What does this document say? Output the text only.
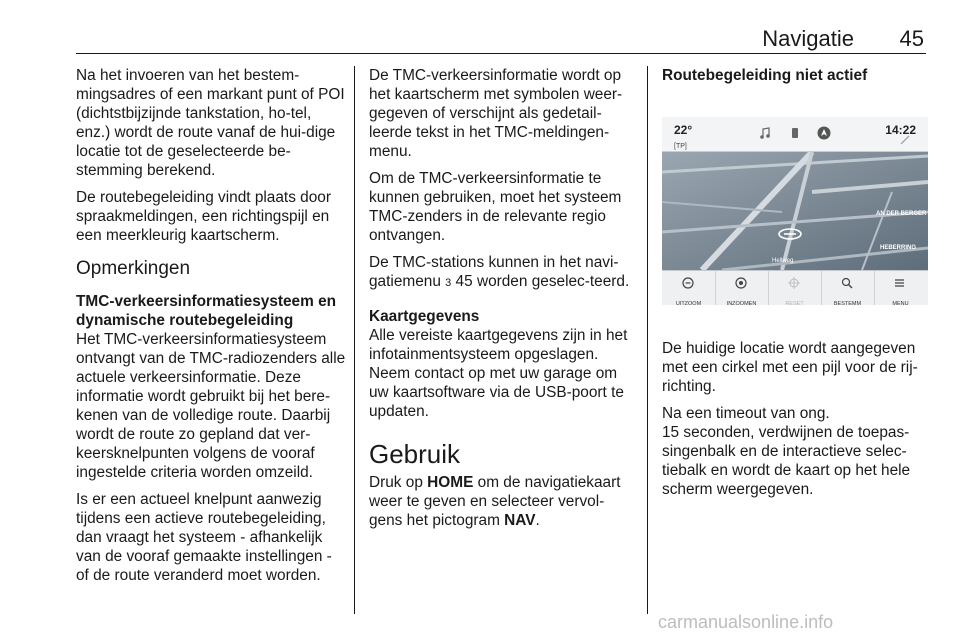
Navigatie 45

Na het invoeren van het bestem-mingsadres of een markant punt of POI (dichtstbijzijnde tankstation, ho-tel, enz.) wordt de route vanaf de hui-dige locatie tot de geselecteerde be-stemming berekend.

De routebegeleiding vindt plaats door spraakmeldingen, een richtingspijl en een meerkleurig kaartscherm.

Opmerkingen

TMC-verkeersinformatiesysteem en dynamische routebegeleiding

Het TMC-verkeersinformatiesysteem ontvangt van de TMC-radiozenders alle actuele verkeersinformatie. Deze informatie wordt gebruikt bij het bere-kenen van de volledige route. Daarbij wordt de route zo gepland dat ver-keersknelpunten volgens de vooraf ingestelde criteria worden omzeild.

Is er een actueel knelpunt aanwezig tijdens een actieve routebegeleiding, dan vraagt het systeem - afhankelijk van de vooraf gemaakte instellingen - of de route veranderd moet worden.

De TMC-verkeersinformatie wordt op het kaartscherm met symbolen weer-gegeven of verschijnt als gedetail-leerde tekst in het TMC-meldingen-menu.

Om de TMC-verkeersinformatie te kunnen gebruiken, moet het systeem TMC-zenders in de relevante regio ontvangen.

De TMC-stations kunnen in het navi-gatiemenu 3 45 worden geselec-teerd.

Kaartgegevens

Alle vereiste kaartgegevens zijn in het infotainmentsysteem opgeslagen. Neem contact op met uw garage om uw kaartsoftware via de USB-poort te updaten.

Gebruik

Druk op HOME om de navigatiekaart weer te geven en selecteer vervol-gens het pictogram NAV.

Routebegeleiding niet actief

22°
[TP]
14:22
AN DER BERGER
HEBERRING
Hellweg
UITZOOM	INZOOMEN	RESET	BESTEMM	MENU

De huidige locatie wordt aangegeven met een cirkel met een pijl voor de rij-richting.

Na een timeout van ong.
15 seconden, verdwijnen de toepas-singenbalk en de interactieve selec-tiebalk en wordt de kaart op het hele scherm weergegeven.

carmanualsonline.info
